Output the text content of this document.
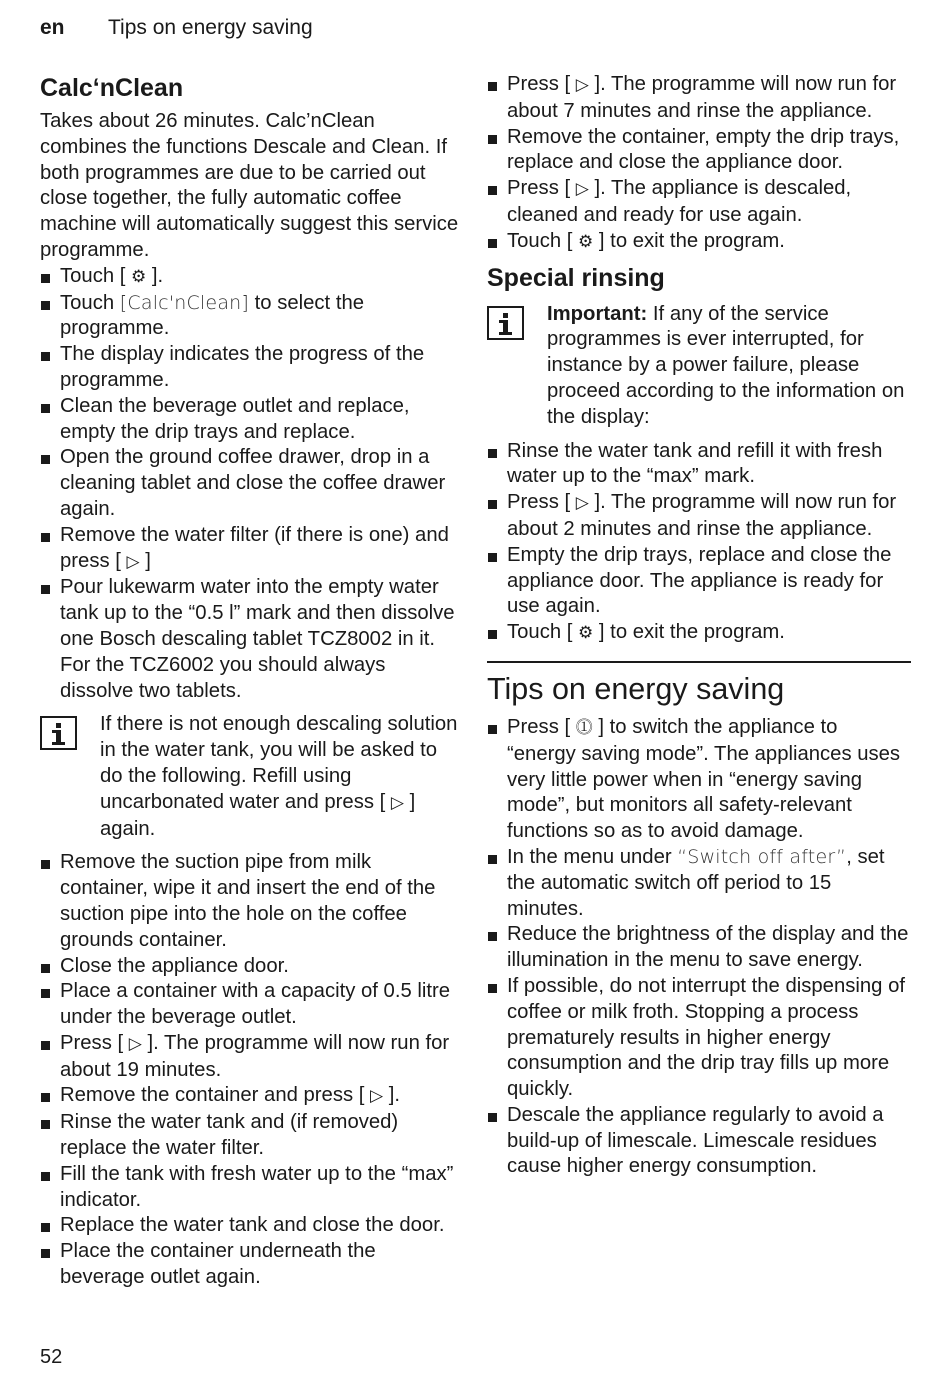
en Tips on energy saving
Calc‘nClean

Takes about 26 minutes. Calc’nClean combines the functions Descale and Clean. If both programmes are due to be carried out close together, the fully automatic coffee machine will automatically suggest this service programme.

Touch [ ⚙ ].
Touch [Calc'nClean] to select the programme.
The display indicates the progress of the programme.
Clean the beverage outlet and replace, empty the drip trays and replace.
Open the ground coffee drawer, drop in a cleaning tablet and close the coffee drawer again.
Remove the water filter (if there is one) and press [ ▷ ]
Pour lukewarm water into the empty water tank up to the “0.5 l” mark and then dissolve one Bosch descaling tablet TCZ8002 in it. For the TCZ6002 you should always dissolve two tablets.
If there is not enough descaling solution in the water tank, you will be asked to do the following. Refill using uncarbonated water and press [ ▷ ] again.
Remove the suction pipe from milk container, wipe it and insert the end of the suction pipe into the hole on the coffee grounds container.
Close the appliance door.
Place a container with a capacity of 0.5 litre under the beverage outlet.
Press [ ▷ ]. The programme will now run for about 19 minutes.
Remove the container and press [ ▷ ].
Rinse the water tank and (if removed) replace the water filter.
Fill the tank with fresh water up to the “max” indicator.
Replace the water tank and close the door.
Place the container underneath the beverage outlet again.
Press [ ▷ ]. The programme will now run for about 7 minutes and rinse the appliance.
Remove the container, empty the drip trays, replace and close the appliance door.
Press [ ▷ ]. The appliance is descaled, cleaned and ready for use again.
Touch [ ⚙ ] to exit the program.
Special rinsing
Important: If any of the service programmes is ever interrupted, for instance by a power failure, please proceed according to the information on the display:
Rinse the water tank and refill it with fresh water up to the “max” mark.
Press [ ▷ ]. The programme will now run for about 2 minutes and rinse the appliance.
Empty the drip trays, replace and close the appliance door. The appliance is ready for use again.
Touch [ ⚙ ] to exit the program.
Tips on energy saving
Press [ ⓵ ] to switch the appliance to “energy saving mode”. The appliances uses very little power when in “energy saving mode”, but monitors all safety-relevant functions so as to avoid damage.
In the menu under “Switch off after”, set the automatic switch off period to 15 minutes.
Reduce the brightness of the display and the illumination in the menu to save energy.
If possible, do not interrupt the dispensing of coffee or milk froth. Stopping a process prematurely results in higher energy consumption and the drip tray fills up more quickly.
Descale the appliance regularly to avoid a build-up of limescale. Limescale residues cause higher energy consumption.
52
